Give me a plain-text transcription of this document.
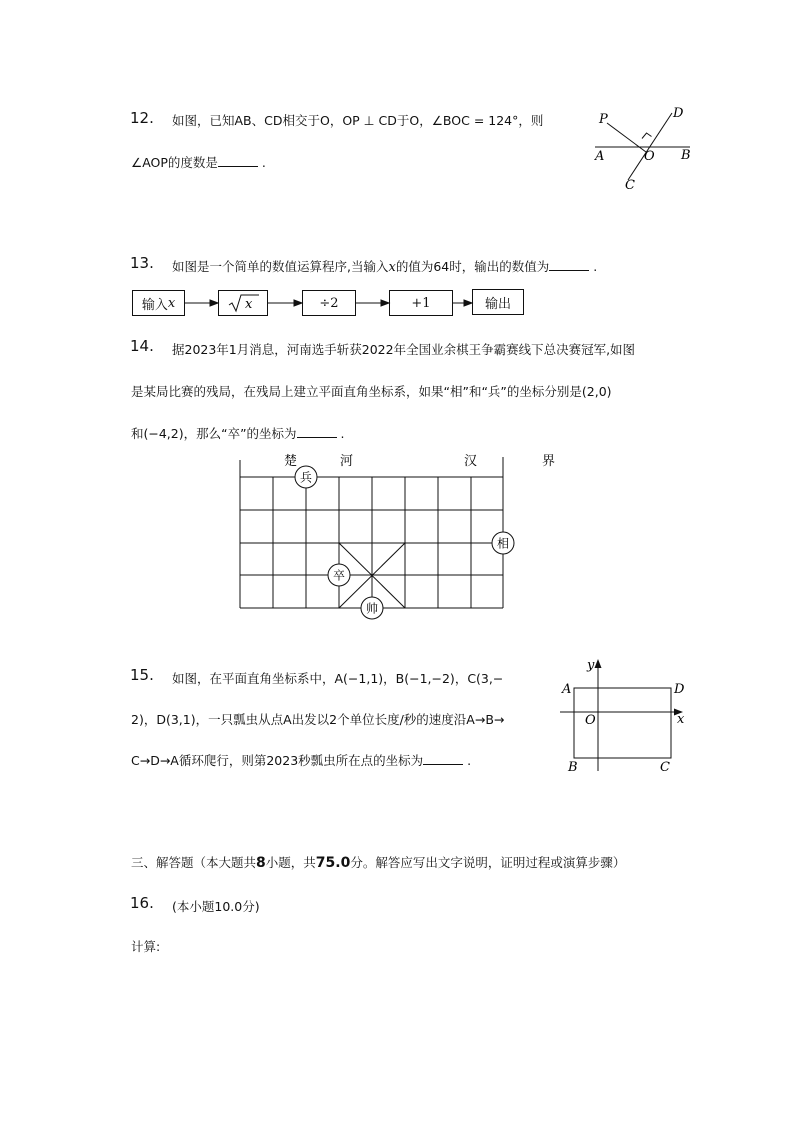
12. 如图，已知AB、CD相交于O，OP ⊥ CD于O，∠BOC = 124°，则
∠AOP的度数是	.
P	D
A	O B
C
13. 如图是一个简单的数值运算程序,当输入x的值为64时，输出的数值为	.
输入 x	x	÷2	+1	输出
14. 据2023年1月消息，河南选手斩获2022年全国业余棋王争霸赛线下总决赛冠军,如图
是某局比赛的残局，在残局上建立平面直角坐标系，如果“相”和“兵”的坐标分别是(2,0)
和(−4,2)，那么“卒”的坐标为	.
楚	河	汉	界
兵
相
卒
帅
15. 如图，在平面直角坐标系中，A(−1,1)，B(−1,−2)，C(3,−
2)，D(3,1)，一只瓢虫从点A出发以2个单位长度/秒的速度沿A→B→
C→D→A循环爬行，则第2023秒瓢虫所在点的坐标为	.
y
x
A	D
O
B	C
三、解答题（本大题共8小题，共75.0分。解答应写出文字说明，证明过程或演算步骤）
16. (本小题10.0分)
计算:
